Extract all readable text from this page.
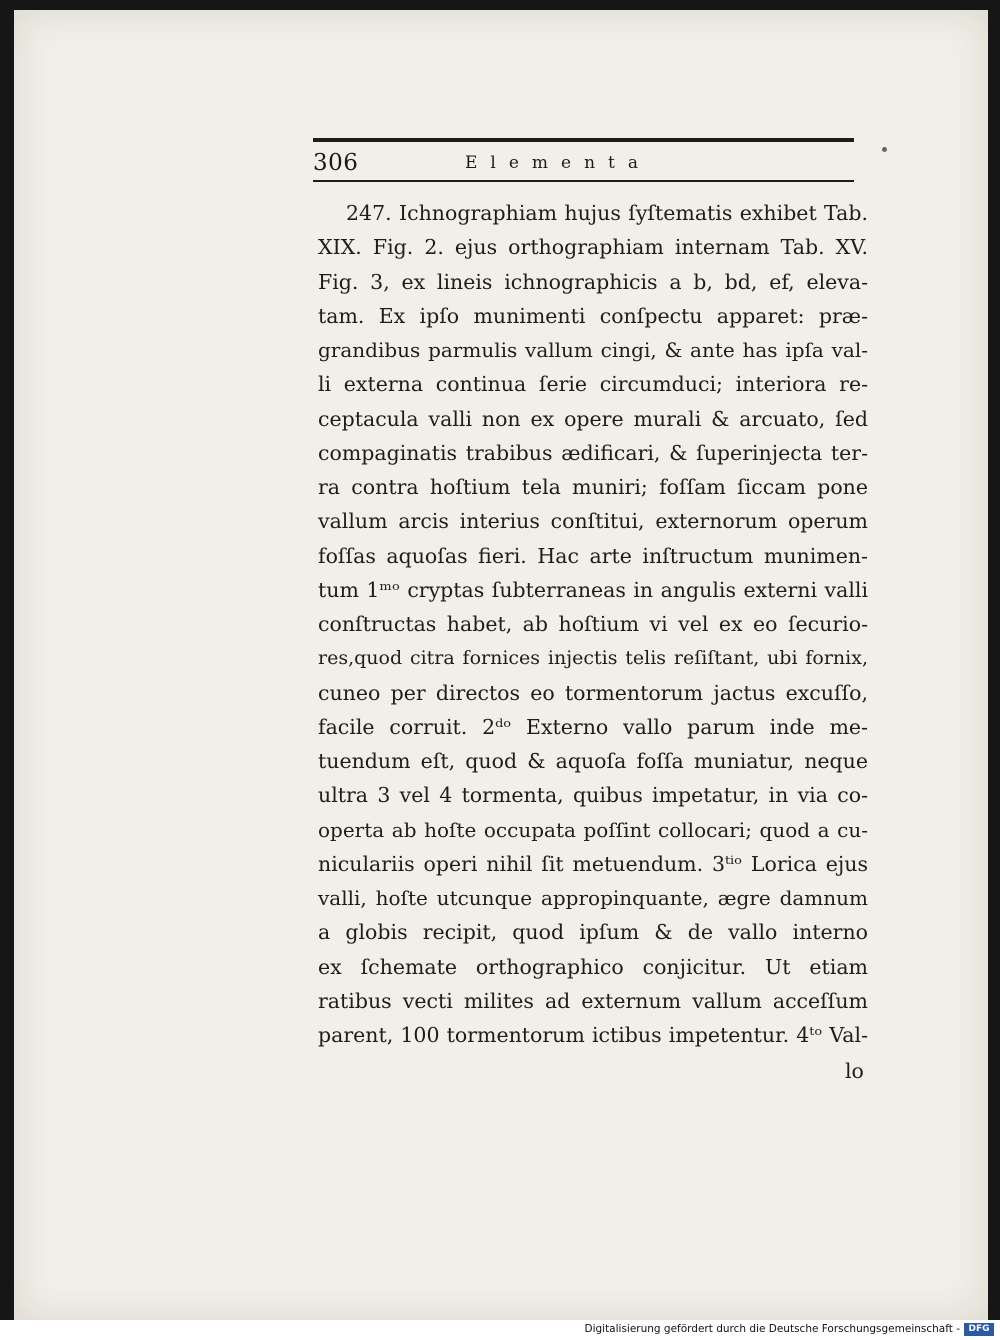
306	Elementa
247. Ichnographiam hujus ſyſtematis exhibet Tab.
XIX. Fig. 2. ejus orthographiam internam Tab. XV.
Fig. 3, ex lineis ichnographicis a b, bd, ef, eleva-
tam. Ex ipſo munimenti conſpectu apparet: præ-
grandibus parmulis vallum cingi, & ante has ipſa val-
li externa continua ſerie circumduci; interiora re-
ceptacula valli non ex opere murali & arcuato, ſed
compaginatis trabibus ædificari, & ſuperinjecta ter-
ra contra hoſtium tela muniri; foſſam ſiccam pone
vallum arcis interius conſtitui, externorum operum
foſſas aquoſas fieri. Hac arte inſtructum munimen-
tum 1ᵐᵒ cryptas ſubterraneas in angulis externi valli
conſtructas habet, ab hoſtium vi vel ex eo ſecurio-
res,quod citra fornices injectis telis reſiſtant, ubi fornix,
cuneo per directos eo tormentorum jactus excuſſo,
facile corruit. 2ᵈᵒ Externo vallo parum inde me-
tuendum eſt, quod & aquoſa foſſa muniatur, neque
ultra 3 vel 4 tormenta, quibus impetatur, in via co-
operta ab hoſte occupata poſſint collocari; quod a cu-
niculariis operi nihil ſit metuendum. 3ᵗⁱᵒ Lorica ejus
valli, hoſte utcunque appropinquante, ægre damnum
a globis recipit, quod ipſum & de vallo interno
ex ſchemate orthographico conjicitur. Ut etiam
ratibus vecti milites ad externum vallum acceſſum
parent, 100 tormentorum ictibus impetentur. 4ᵗᵒ Val-
lo
Digitalisierung gefördert durch die Deutsche Forschungsgemeinschaft - DFG
